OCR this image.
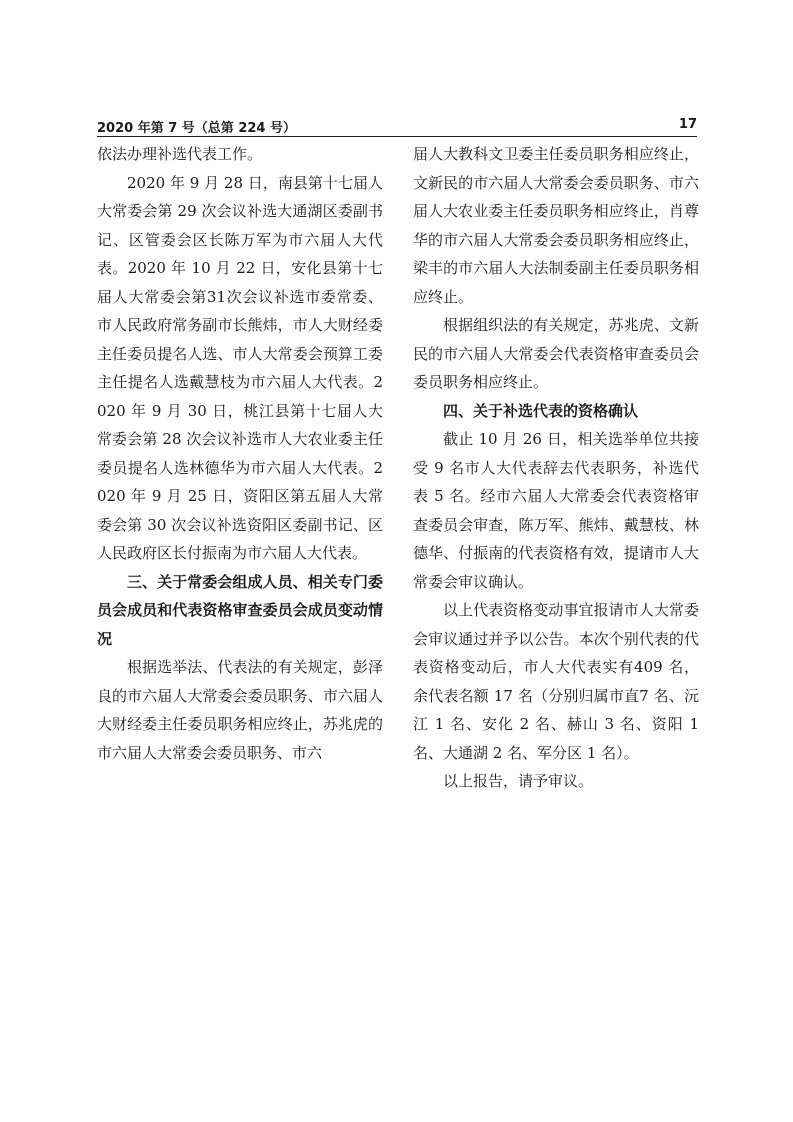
2020 年第 7 号（总第 224 号）	17

依法办理补选代表工作。

2020 年 9 月 28 日，南县第十七届人大常委会第 29 次会议补选大通湖区委副书记、区管委会区长陈万军为市六届人大代表。2020 年 10 月 22 日，安化县第十七届人大常委会第31次会议补选市委常委、市人民政府常务副市长熊炜，市人大财经委主任委员提名人选、市人大常委会预算工委主任提名人选戴慧枝为市六届人大代表。2020 年 9 月 30 日，桃江县第十七届人大常委会第 28 次会议补选市人大农业委主任委员提名人选林德华为市六届人大代表。2020 年 9 月 25 日，资阳区第五届人大常委会第 30 次会议补选资阳区委副书记、区人民政府区长付振南为市六届人大代表。

三、关于常委会组成人员、相关专门委员会成员和代表资格审查委员会成员变动情况

根据选举法、代表法的有关规定，彭泽良的市六届人大常委会委员职务、市六届人大财经委主任委员职务相应终止，苏兆虎的市六届人大常委会委员职务、市六

届人大教科文卫委主任委员职务相应终止，文新民的市六届人大常委会委员职务、市六届人大农业委主任委员职务相应终止，肖尊华的市六届人大常委会委员职务相应终止，梁丰的市六届人大法制委副主任委员职务相应终止。

根据组织法的有关规定，苏兆虎、文新民的市六届人大常委会代表资格审查委员会委员职务相应终止。

四、关于补选代表的资格确认

截止 10 月 26 日，相关选举单位共接受 9 名市人大代表辞去代表职务，补选代表 5 名。经市六届人大常委会代表资格审查委员会审查，陈万军、熊炜、戴慧枝、林德华、付振南的代表资格有效，提请市人大常委会审议确认。

以上代表资格变动事宜报请市人大常委会审议通过并予以公告。本次个别代表的代表资格变动后，市人大代表实有409 名，余代表名额 17 名（分别归属市直7 名、沅江 1 名、安化 2 名、赫山 3 名、资阳 1 名、大通湖 2 名、军分区 1 名）。

以上报告，请予审议。
